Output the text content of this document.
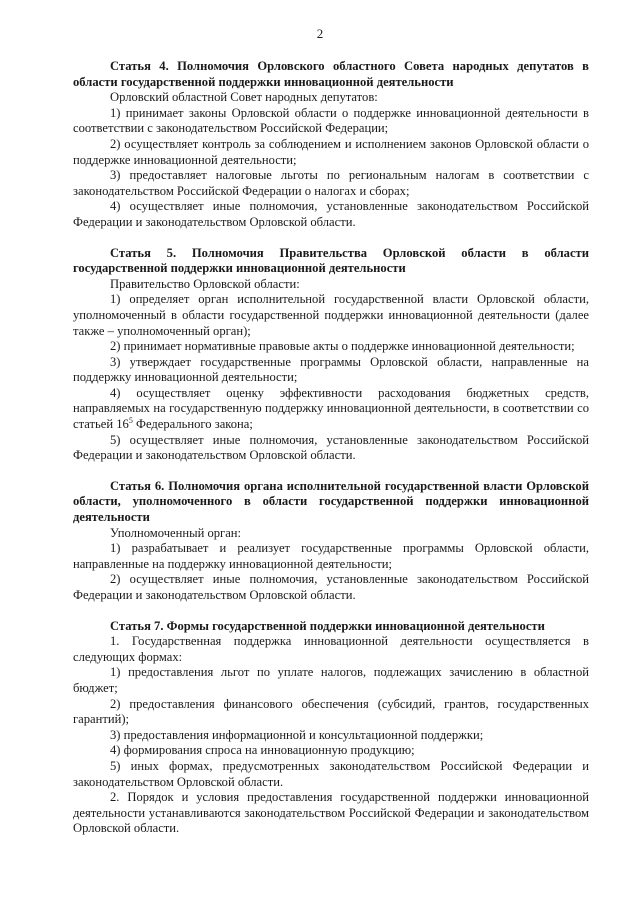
2

Статья 4. Полномочия Орловского областного Совета народных депутатов в области государственной поддержки инновационной деятельности

Орловский областной Совет народных депутатов:

1) принимает законы Орловской области о поддержке инновационной деятельности в соответствии с законодательством Российской Федерации;

2) осуществляет контроль за соблюдением и исполнением законов Орловской области о поддержке инновационной деятельности;

3) предоставляет налоговые льготы по региональным налогам в соответствии с законодательством Российской Федерации о налогах и сборах;

4) осуществляет иные полномочия, установленные законодательством Российской Федерации и законодательством Орловской области.

Статья 5. Полномочия Правительства Орловской области в области государственной поддержки инновационной деятельности

Правительство Орловской области:

1) определяет орган исполнительной государственной власти Орловской области, уполномоченный в области государственной поддержки инновационной деятельности (далее также – уполномоченный орган);

2) принимает нормативные правовые акты о поддержке инновационной деятельности;

3) утверждает государственные программы Орловской области, направленные на поддержку инновационной деятельности;

4) осуществляет оценку эффективности расходования бюджетных средств, направляемых на государственную поддержку инновационной деятельности, в соответствии со статьей $16^5$ Федерального закона;

5) осуществляет иные полномочия, установленные законодательством Российской Федерации и законодательством Орловской области.

Статья 6. Полномочия органа исполнительной государственной власти Орловской области, уполномоченного в области государственной поддержки инновационной деятельности

Уполномоченный орган:

1) разрабатывает и реализует государственные программы Орловской области, направленные на поддержку инновационной деятельности;

2) осуществляет иные полномочия, установленные законодательством Российской Федерации и законодательством Орловской области.

Статья 7. Формы государственной поддержки инновационной деятельности

1. Государственная поддержка инновационной деятельности осуществляется в следующих формах:

1) предоставления льгот по уплате налогов, подлежащих зачислению в областной бюджет;

2) предоставления финансового обеспечения (субсидий, грантов, государственных гарантий);

3) предоставления информационной и консультационной поддержки;

4) формирования спроса на инновационную продукцию;

5) иных формах, предусмотренных законодательством Российской Федерации и законодательством Орловской области.

2. Порядок и условия предоставления государственной поддержки инновационной деятельности устанавливаются законодательством Российской Федерации и законодательством Орловской области.
